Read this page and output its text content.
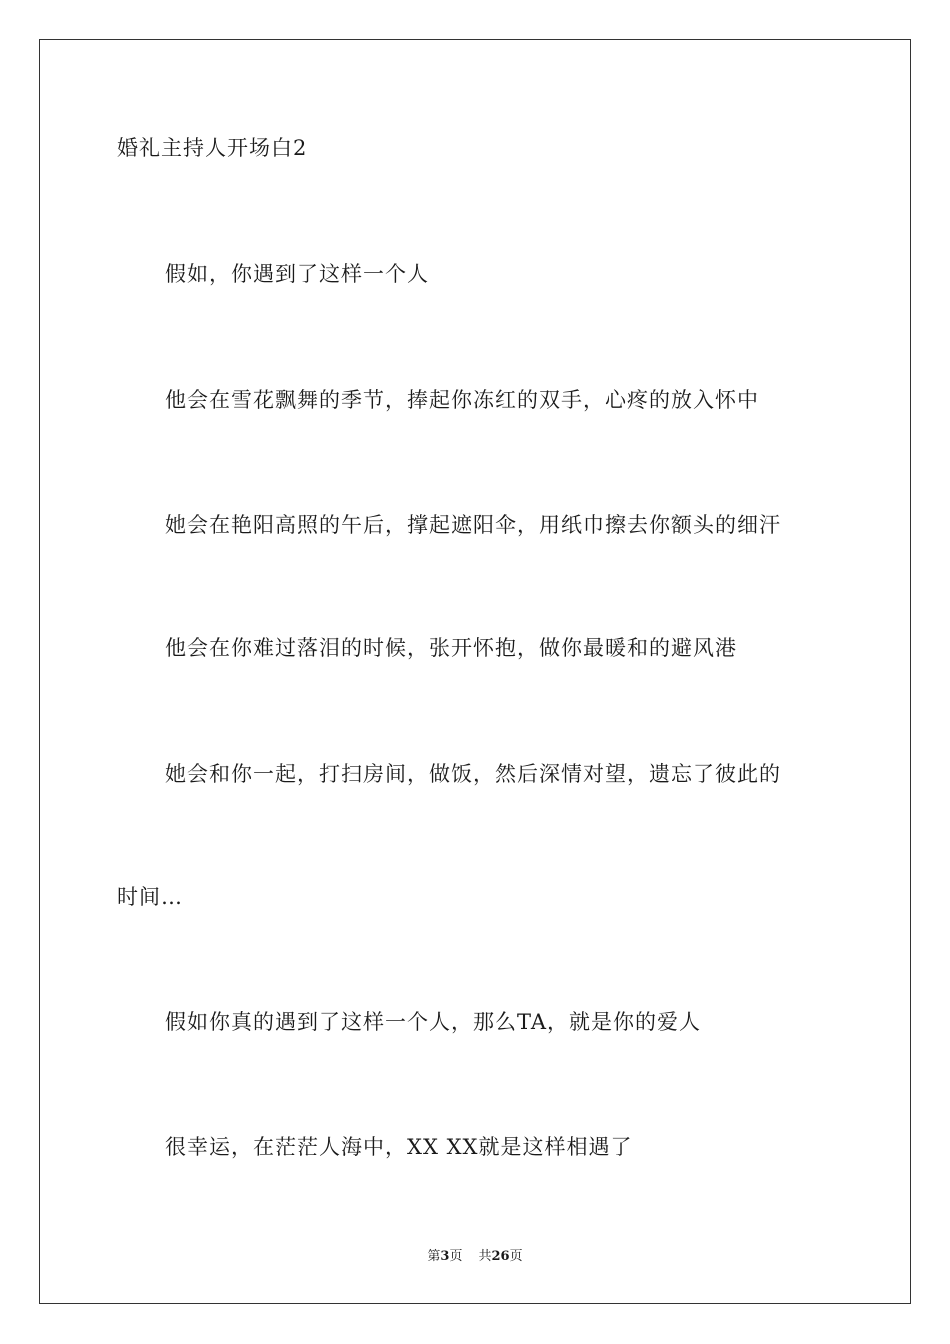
婚礼主持人开场白2
假如，你遇到了这样一个人
他会在雪花飘舞的季节，捧起你冻红的双手，心疼的放入怀中
她会在艳阳高照的午后，撑起遮阳伞，用纸巾擦去你额头的细汗
他会在你难过落泪的时候，张开怀抱，做你最暖和的避风港
她会和你一起，打扫房间，做饭，然后深情对望，遗忘了彼此的
时间…
假如你真的遇到了这样一个人，那么TA，就是你的爱人
很幸运，在茫茫人海中，XX XX就是这样相遇了
第3页 共26页
